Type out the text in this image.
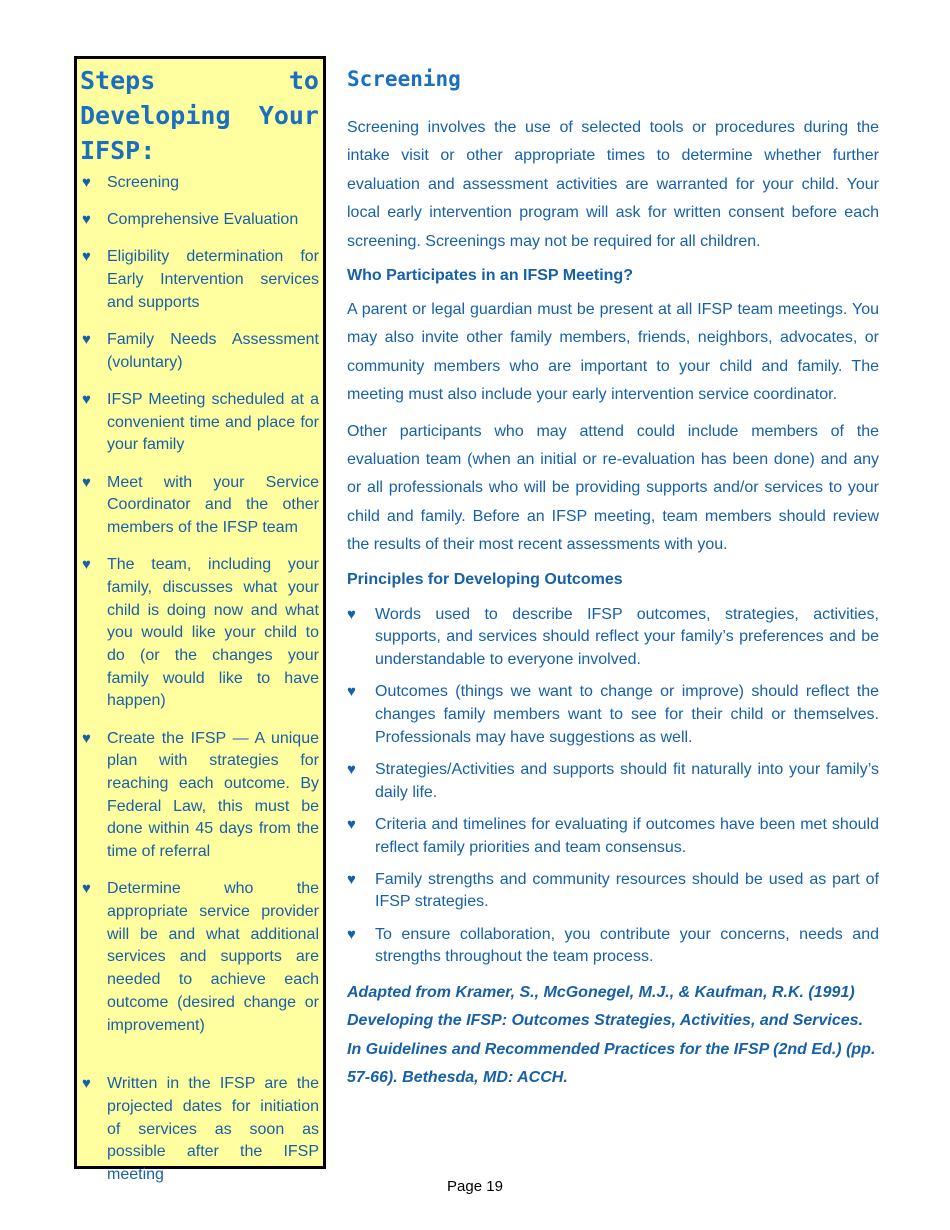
Steps to Developing Your IFSP:
♥ Screening
♥ Comprehensive Evaluation
♥ Eligibility determination for Early Intervention services and supports
♥ Family Needs Assessment (voluntary)
♥ IFSP Meeting scheduled at a convenient time and place for your family
♥ Meet with your Service Coordinator and the other members of the IFSP team
♥ The team, including your family, discusses what your child is doing now and what you would like your child to do (or the changes your family would like to have happen)
♥ Create the IFSP — A unique plan with strategies for reaching each outcome. By Federal Law, this must be done within 45 days from the time of referral
♥ Determine who the appropriate service provider will be and what additional services and supports are needed to achieve each outcome (desired change or improvement)
♥ Written in the IFSP are the projected dates for initiation of services as soon as possible after the IFSP meeting
Screening

Screening involves the use of selected tools or procedures during the intake visit or other appropriate times to determine whether further evaluation and assessment activities are warranted for your child. Your local early intervention program will ask for written consent before each screening. Screenings may not be required for all children.

Who Participates in an IFSP Meeting?

A parent or legal guardian must be present at all IFSP team meetings. You may also invite other family members, friends, neighbors, advocates, or community members who are important to your child and family. The meeting must also include your early intervention service coordinator.

Other participants who may attend could include members of the evaluation team (when an initial or re-evaluation has been done) and any or all professionals who will be providing supports and/or services to your child and family. Before an IFSP meeting, team members should review the results of their most recent assessments with you.

Principles for Developing Outcomes
♥ Words used to describe IFSP outcomes, strategies, activities, supports, and services should reflect your family’s preferences and be understandable to everyone involved.
♥ Outcomes (things we want to change or improve) should reflect the changes family members want to see for their child or themselves. Professionals may have suggestions as well.
♥ Strategies/Activities and supports should fit naturally into your family’s daily life.
♥ Criteria and timelines for evaluating if outcomes have been met should reflect family priorities and team consensus.
♥ Family strengths and community resources should be used as part of IFSP strategies.
♥ To ensure collaboration, you contribute your concerns, needs and strengths throughout the team process.

Adapted from Kramer, S., McGonegel, M.J., & Kaufman, R.K. (1991)
Developing the IFSP: Outcomes Strategies, Activities, and Services.
In Guidelines and Recommended Practices for the IFSP (2nd Ed.) (pp.
57-66). Bethesda, MD: ACCH.

Page 19
